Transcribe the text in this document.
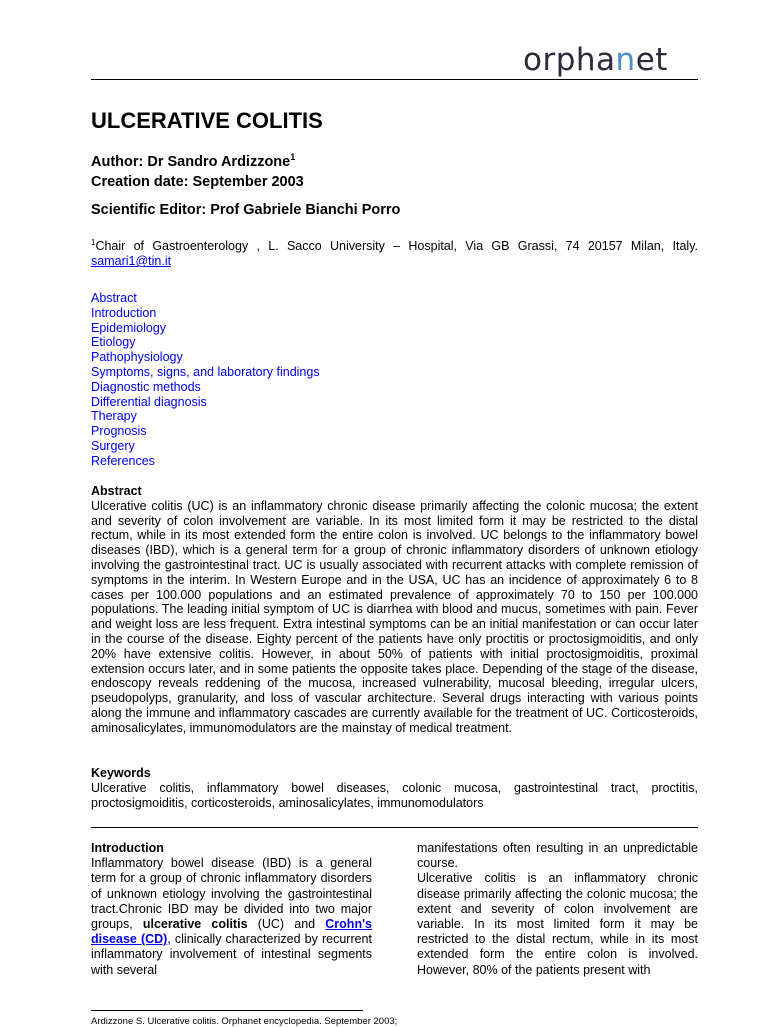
orphanet
ULCERATIVE COLITIS
Author: Dr Sandro Ardizzone$^1$
Creation date: September 2003
Scientific Editor: Prof Gabriele Bianchi Porro
$^1$Chair of Gastroenterology , L. Sacco University – Hospital, Via GB Grassi, 74 20157 Milan, Italy. samari1@tin.it
Abstract
Introduction
Epidemiology
Etiology
Pathophysiology
Symptoms, signs, and laboratory findings
Diagnostic methods
Differential diagnosis
Therapy
Prognosis
Surgery
References
Abstract
Ulcerative colitis (UC) is an inflammatory chronic disease primarily affecting the colonic mucosa; the extent and severity of colon involvement are variable. In its most limited form it may be restricted to the distal rectum, while in its most extended form the entire colon is involved. UC belongs to the inflammatory bowel diseases (IBD), which is a general term for a group of chronic inflammatory disorders of unknown etiology involving the gastrointestinal tract. UC is usually associated with recurrent attacks with complete remission of symptoms in the interim. In Western Europe and in the USA, UC has an incidence of approximately 6 to 8 cases per 100.000 populations and an estimated prevalence of approximately 70 to 150 per 100.000 populations. The leading initial symptom of UC is diarrhea with blood and mucus, sometimes with pain. Fever and weight loss are less frequent. Extra intestinal symptoms can be an initial manifestation or can occur later in the course of the disease. Eighty percent of the patients have only proctitis or proctosigmoiditis, and only 20% have extensive colitis. However, in about 50% of patients with initial proctosigmoiditis, proximal extension occurs later, and in some patients the opposite takes place. Depending of the stage of the disease, endoscopy reveals reddening of the mucosa, increased vulnerability, mucosal bleeding, irregular ulcers, pseudopolyps, granularity, and loss of vascular architecture. Several drugs interacting with various points along the immune and inflammatory cascades are currently available for the treatment of UC. Corticosteroids, aminosalicylates, immunomodulators are the mainstay of medical treatment.
Keywords
Ulcerative colitis, inflammatory bowel diseases, colonic mucosa, gastrointestinal tract, proctitis, proctosigmoiditis, corticosteroids, aminosalicylates, immunomodulators
Introduction
Inflammatory bowel disease (IBD) is a general term for a group of chronic inflammatory disorders of unknown etiology involving the gastrointestinal tract.Chronic IBD may be divided into two major groups, ulcerative colitis (UC) and Crohn's disease (CD), clinically characterized by recurrent inflammatory involvement of intestinal segments with several
manifestations often resulting in an unpredictable course.
Ulcerative colitis is an inflammatory chronic disease primarily affecting the colonic mucosa; the extent and severity of colon involvement are variable. In its most limited form it may be restricted to the distal rectum, while in its most extended form the entire colon is involved. However, 80% of the patients present with
Ardizzone S. Ulcerative colitis. Orphanet encyclopedia. September 2003;
